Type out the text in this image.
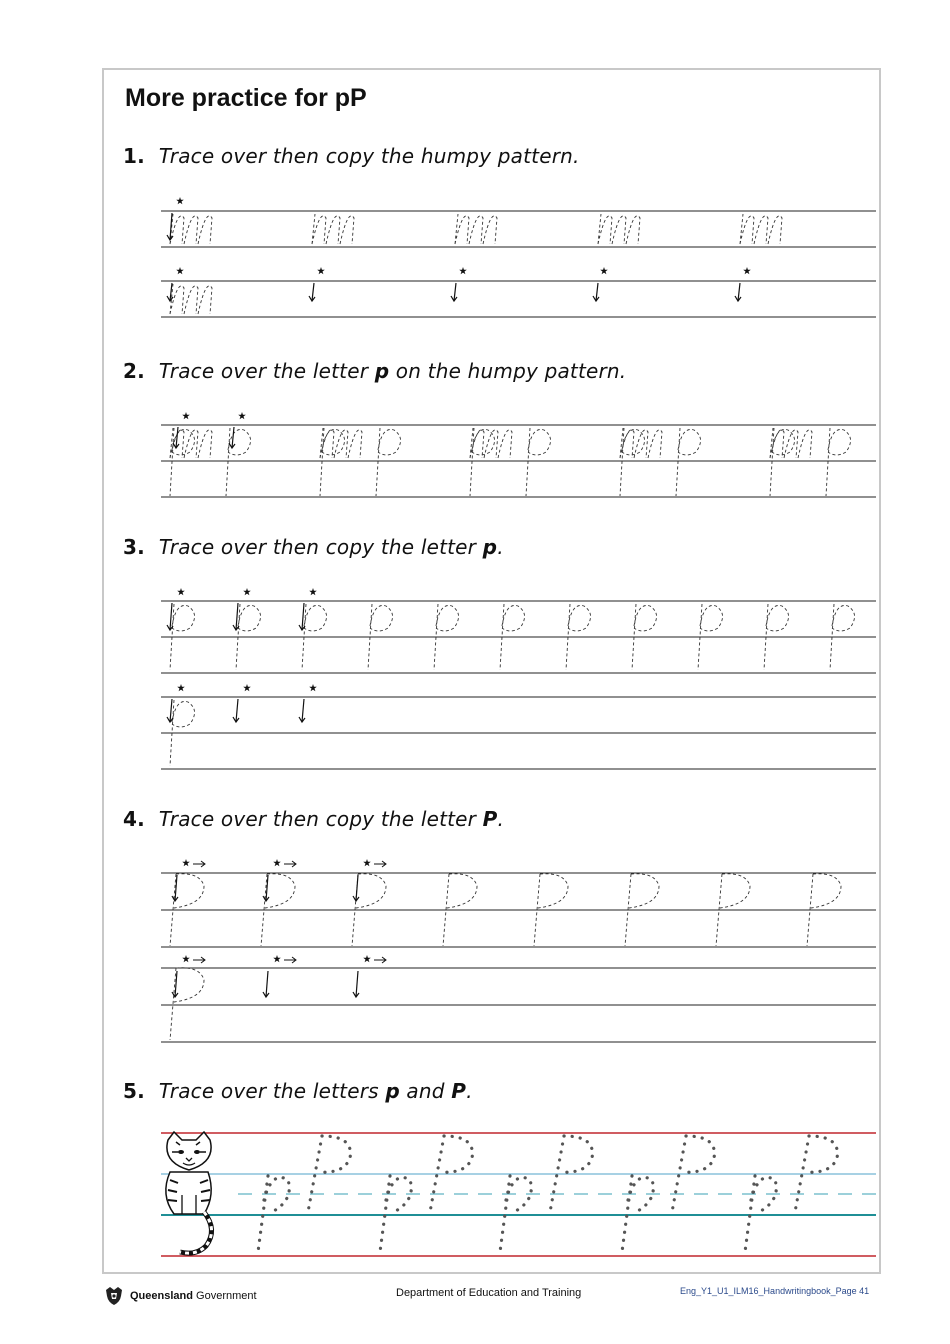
More practice for pP
1. Trace over then copy the humpy pattern.
2. Trace over the letter p on the humpy pattern.
3. Trace over then copy the letter p.
4. Trace over then copy the letter P.
5. Trace over the letters p and P.
Queensland Government	Department of Education and Training	Eng_Y1_U1_ILM16_Handwritingbook_Page 41
